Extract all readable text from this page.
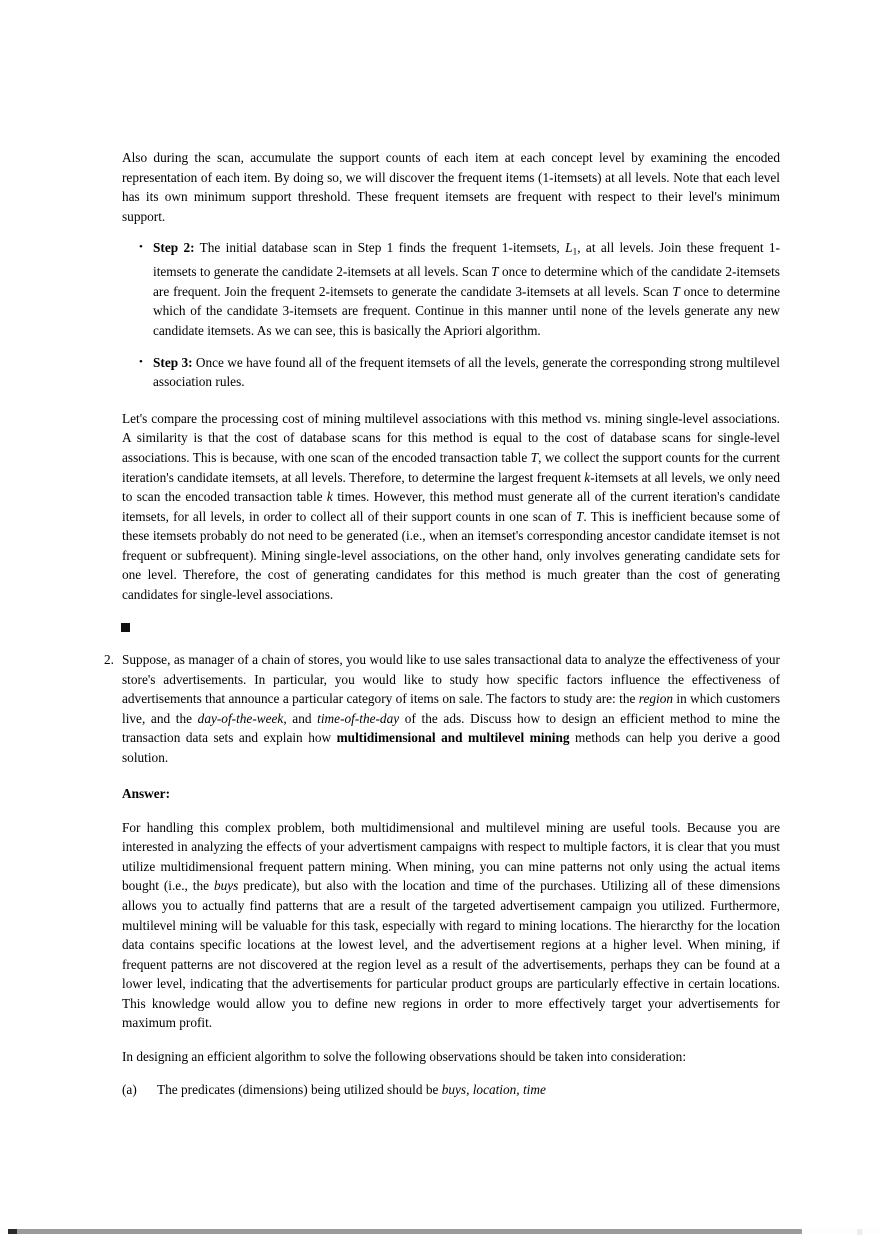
Also during the scan, accumulate the support counts of each item at each concept level by examining the encoded representation of each item. By doing so, we will discover the frequent items (1-itemsets) at all levels. Note that each level has its own minimum support threshold. These frequent itemsets are frequent with respect to their level's minimum support.

• Step 2: The initial database scan in Step 1 finds the frequent 1-itemsets, $L_1$, at all levels. Join these frequent 1-itemsets to generate the candidate 2-itemsets at all levels. Scan T once to determine which of the candidate 2-itemsets are frequent. Join the frequent 2-itemsets to generate the candidate 3-itemsets at all levels. Scan T once to determine which of the candidate 3-itemsets are frequent. Continue in this manner until none of the levels generate any new candidate itemsets. As we can see, this is basically the Apriori algorithm.
• Step 3: Once we have found all of the frequent itemsets of all the levels, generate the corresponding strong multilevel association rules.

Let's compare the processing cost of mining multilevel associations with this method vs. mining single-level associations. A similarity is that the cost of database scans for this method is equal to the cost of database scans for single-level associations. This is because, with one scan of the encoded transaction table T, we collect the support counts for the current iteration's candidate itemsets, at all levels. Therefore, to determine the largest frequent k-itemsets at all levels, we only need to scan the encoded transaction table k times. However, this method must generate all of the current iteration's candidate itemsets, for all levels, in order to collect all of their support counts in one scan of T. This is inefficient because some of these itemsets probably do not need to be generated (i.e., when an itemset's corresponding ancestor candidate itemset is not frequent or subfrequent). Mining single-level associations, on the other hand, only involves generating candidate sets for one level. Therefore, the cost of generating candidates for this method is much greater than the cost of generating candidates for single-level associations.

2. Suppose, as manager of a chain of stores, you would like to use sales transactional data to analyze the effectiveness of your store's advertisements. In particular, you would like to study how specific factors influence the effectiveness of advertisements that announce a particular category of items on sale. The factors to study are: the region in which customers live, and the day-of-the-week, and time-of-the-day of the ads. Discuss how to design an efficient method to mine the transaction data sets and explain how multidimensional and multilevel mining methods can help you derive a good solution.

Answer:

For handling this complex problem, both multidimensional and multilevel mining are useful tools. Because you are interested in analyzing the effects of your advertisment campaigns with respect to multiple factors, it is clear that you must utilize multidimensional frequent pattern mining. When mining, you can mine patterns not only using the actual items bought (i.e., the buys predicate), but also with the location and time of the purchases. Utilizing all of these dimensions allows you to actually find patterns that are a result of the targeted advertisement campaign you utilized. Furthermore, multilevel mining will be valuable for this task, especially with regard to mining locations. The hierarcthy for the location data contains specific locations at the lowest level, and the advertisement regions at a higher level. When mining, if frequent patterns are not discovered at the region level as a result of the advertisements, perhaps they can be found at a lower level, indicating that the advertisements for particular product groups are particularly effective in certain locations. This knowledge would allow you to define new regions in order to more effectively target your advertisements for maximum profit.

In designing an efficient algorithm to solve the following observations should be taken into consideration:

(a) The predicates (dimensions) being utilized should be buys, location, time
